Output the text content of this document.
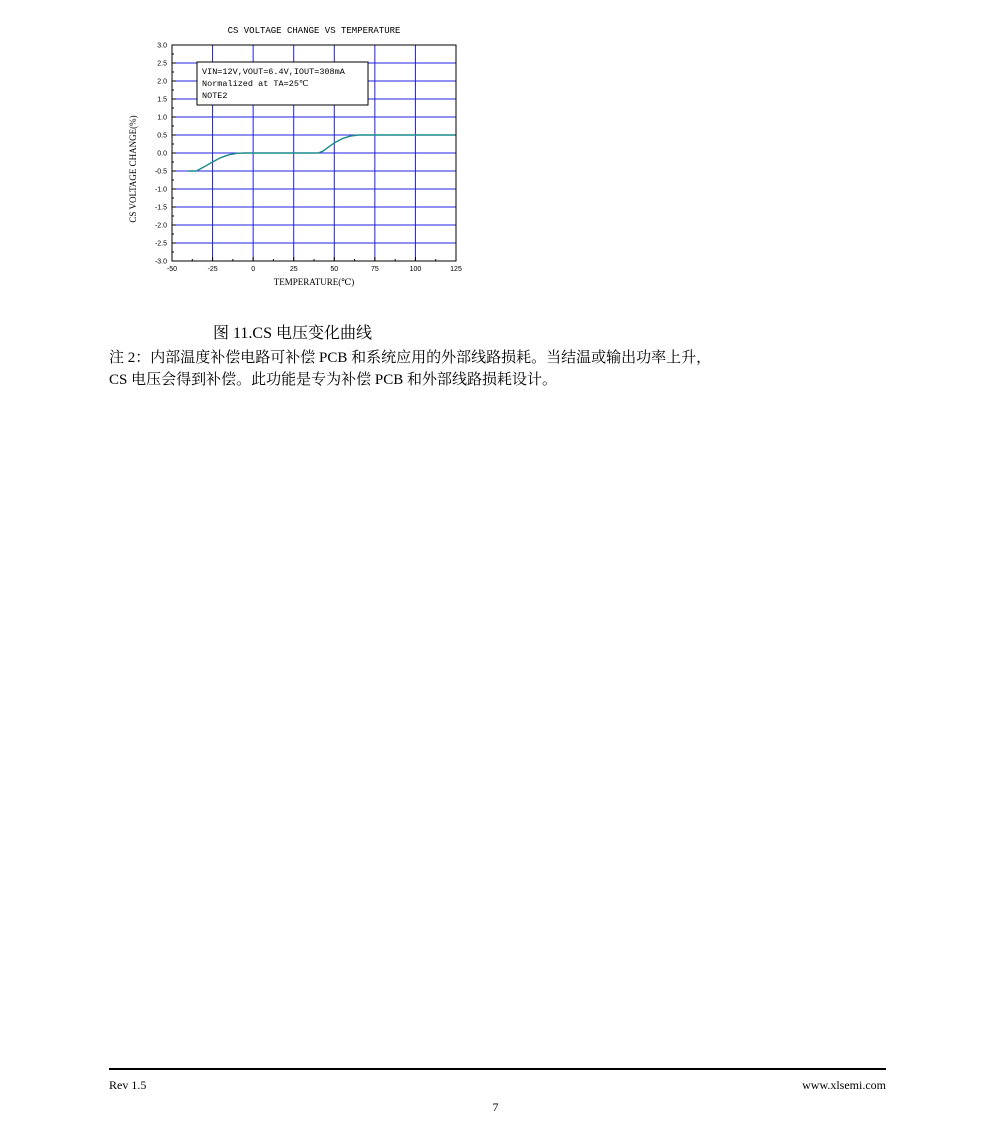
CS VOLTAGE CHANGE VS TEMPERATURE
-50	-25	0	25	50	75	100	125
3.0
2.5
2.0
1.5
1.0
0.5
0.0
-0.5
-1.0
-1.5
-2.0
-2.5
-3.0
VIN=12V,VOUT=6.4V,IOUT=308mA
Normalized at TA=25℃
NOTE2
TEMPERATURE(℃)
CS VOLTAGE CHANGE(%)
图 11.CS 电压变化曲线
注 2：内部温度补偿电路可补偿 PCB 和系统应用的外部线路损耗。当结温或输出功率上升，
CS 电压会得到补偿。此功能是专为补偿 PCB 和外部线路损耗设计。
Rev 1.5	www.xlsemi.com
7
